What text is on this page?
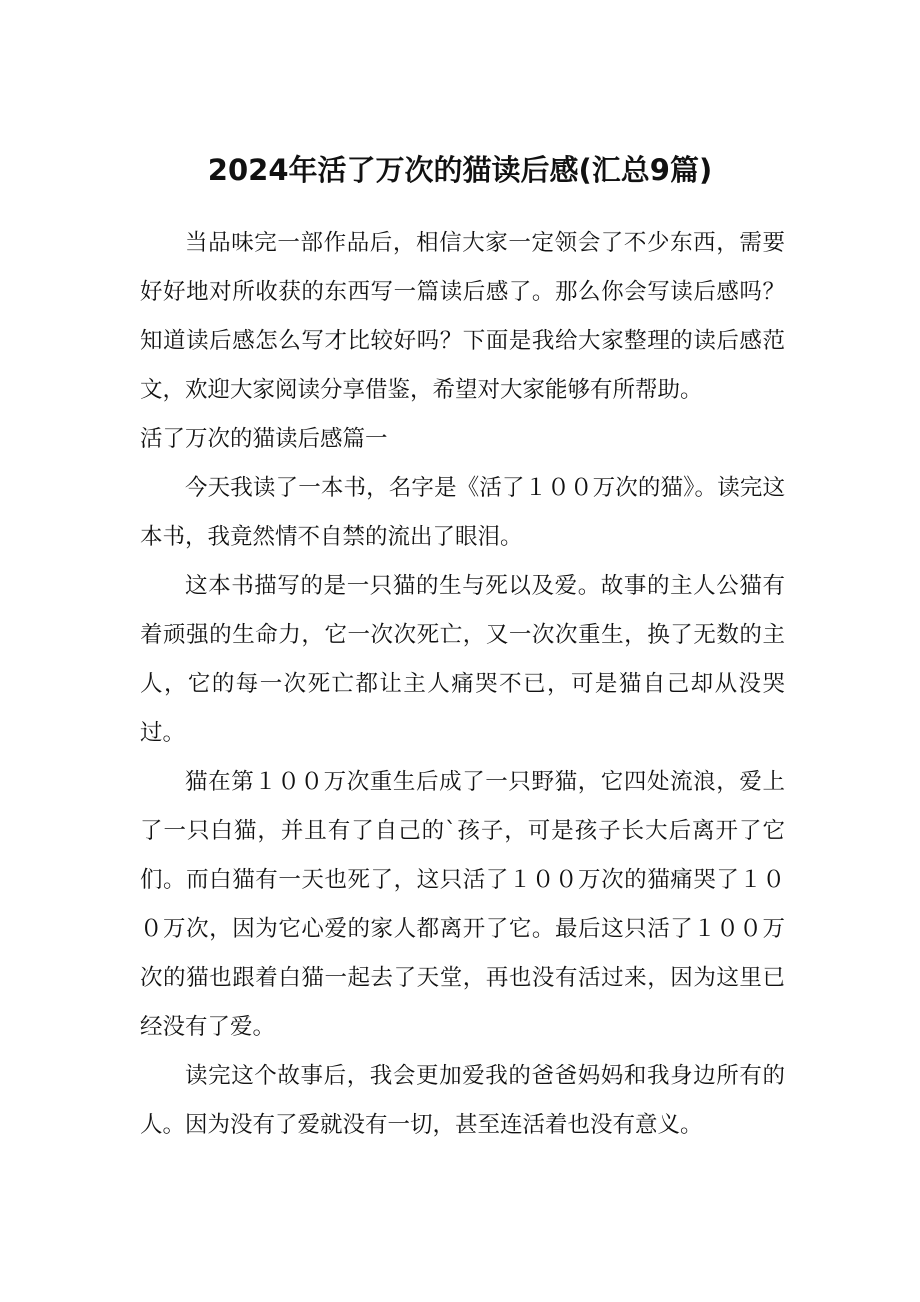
2024年活了万次的猫读后感(汇总9篇)

当品味完一部作品后，相信大家一定领会了不少东西，需要好好地对所收获的东西写一篇读后感了。那么你会写读后感吗？知道读后感怎么写才比较好吗？下面是我给大家整理的读后感范文，欢迎大家阅读分享借鉴，希望对大家能够有所帮助。

活了万次的猫读后感篇一

今天我读了一本书，名字是《活了１００万次的猫》。读完这本书，我竟然情不自禁的流出了眼泪。

这本书描写的是一只猫的生与死以及爱。故事的主人公猫有着顽强的生命力，它一次次死亡，又一次次重生，换了无数的主人，它的每一次死亡都让主人痛哭不已，可是猫自己却从没哭过。

猫在第１００万次重生后成了一只野猫，它四处流浪，爱上了一只白猫，并且有了自己的`孩子，可是孩子长大后离开了它们。而白猫有一天也死了，这只活了１００万次的猫痛哭了１００万次，因为它心爱的家人都离开了它。最后这只活了１００万次的猫也跟着白猫一起去了天堂，再也没有活过来，因为这里已经没有了爱。

读完这个故事后，我会更加爱我的爸爸妈妈和我身边所有的人。因为没有了爱就没有一切，甚至连活着也没有意义。
